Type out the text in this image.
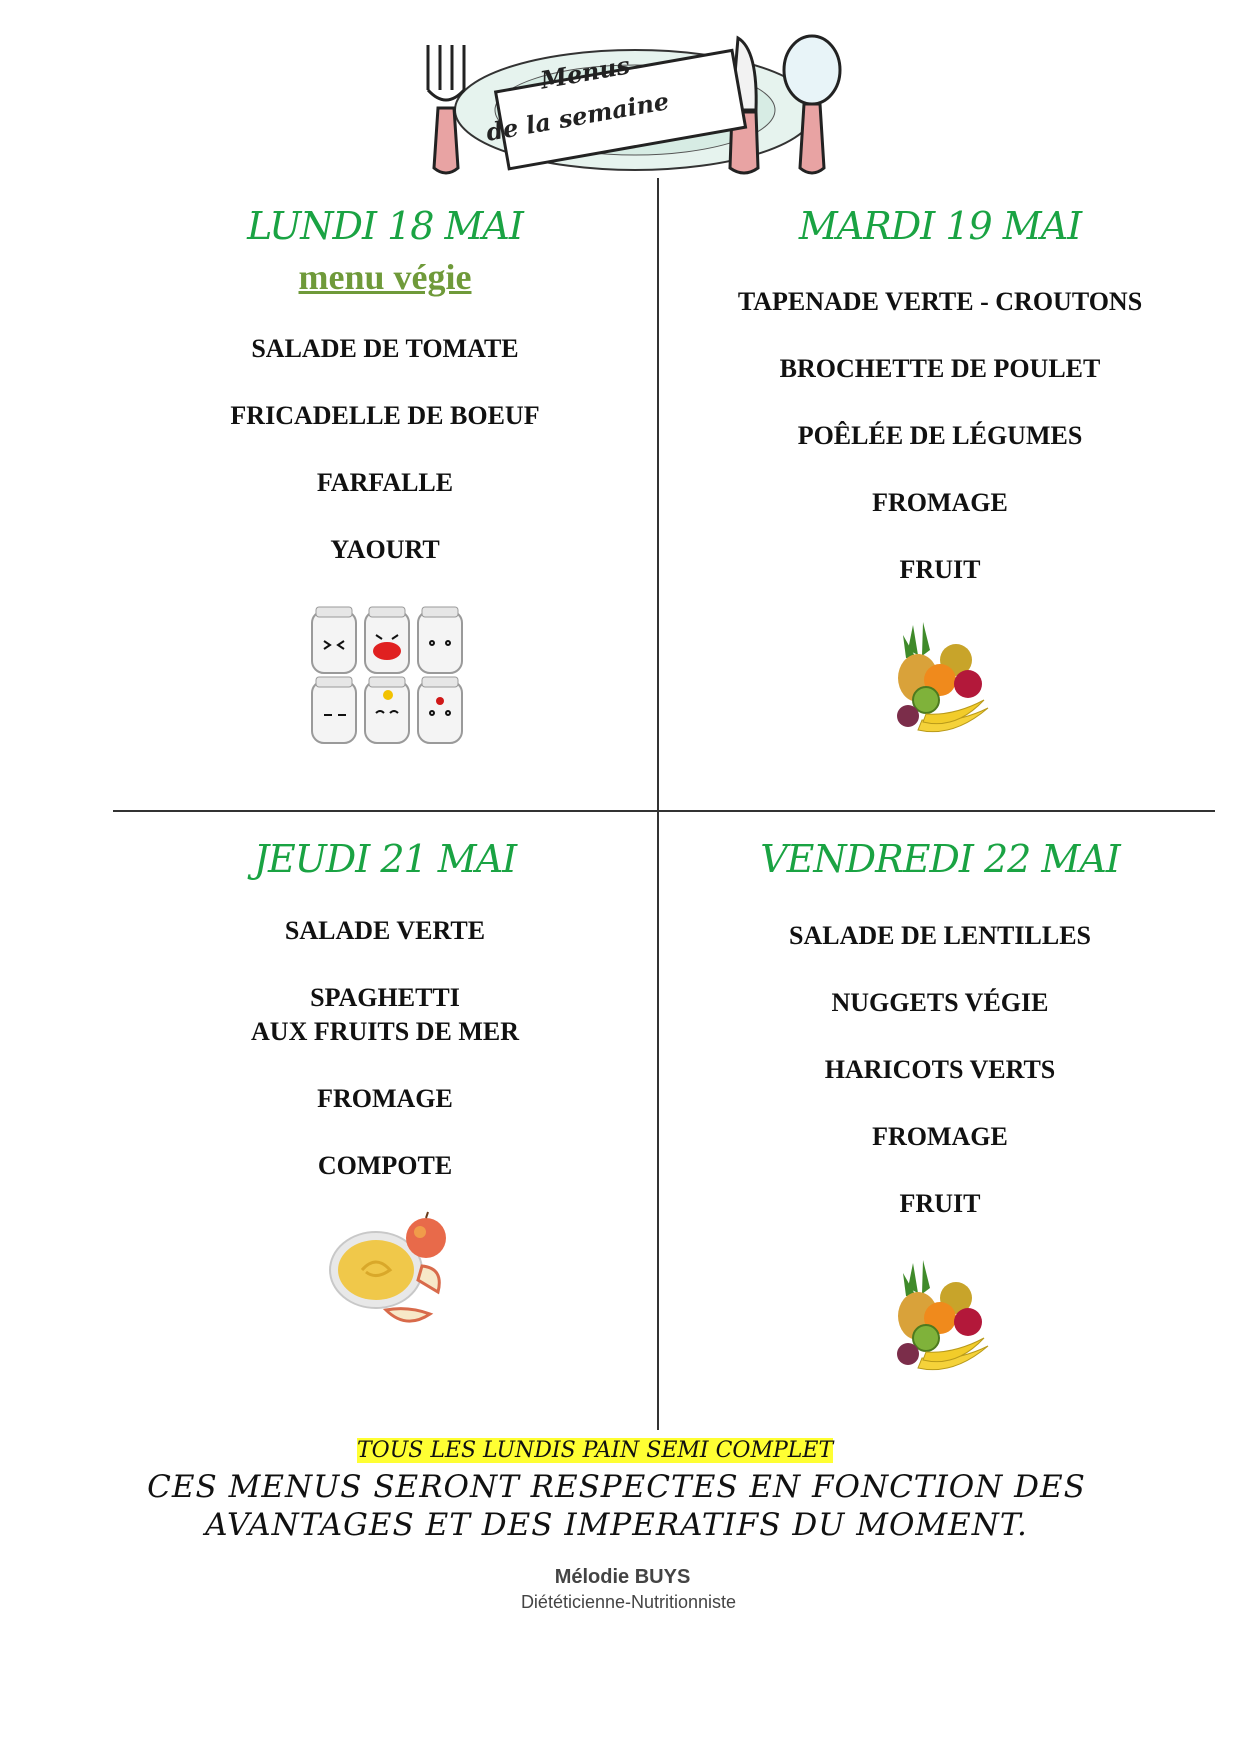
Menus
de la semaine
LUNDI 18 MAI
menu végie
SALADE DE TOMATE
FRICADELLE DE BOEUF
FARFALLE
YAOURT
MARDI 19 MAI
TAPENADE VERTE - CROUTONS
BROCHETTE DE POULET
POÊLÉE DE LÉGUMES
FROMAGE
FRUIT
JEUDI 21 MAI
SALADE VERTE
SPAGHETTI
AUX FRUITS DE MER
FROMAGE
COMPOTE
VENDREDI 22 MAI
SALADE DE LENTILLES
NUGGETS VÉGIE
HARICOTS VERTS
FROMAGE
FRUIT
TOUS LES LUNDIS PAIN SEMI COMPLET
CES MENUS SERONT RESPECTES EN FONCTION DES
AVANTAGES ET DES IMPERATIFS DU MOMENT.
Mélodie BUYS
Diététicienne-Nutritionniste
